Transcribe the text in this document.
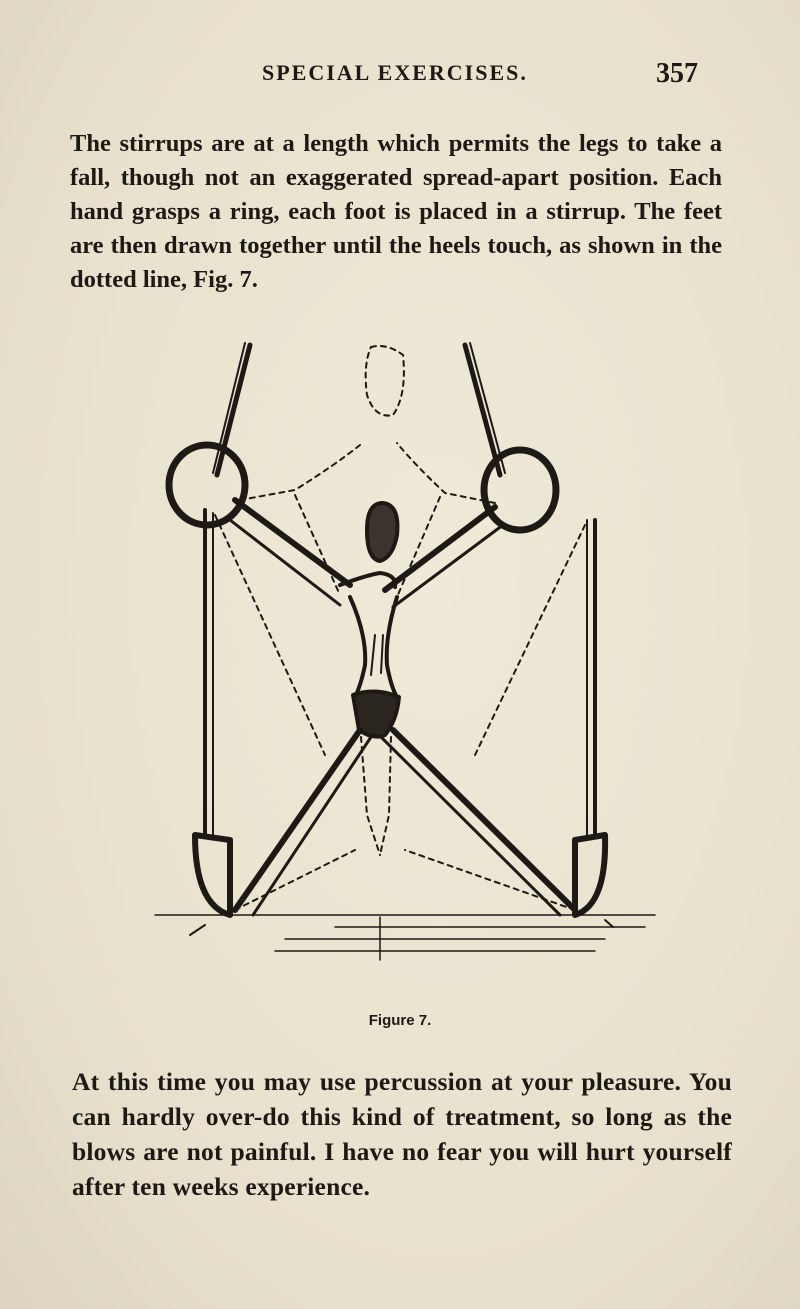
SPECIAL EXERCISES.	357

The stirrups are at a length which permits the legs to take a fall, though not an exaggerated spread-apart position. Each hand grasps a ring, each foot is placed in a stirrup. The feet are then drawn together until the heels touch, as shown in the dotted line, Fig. 7.

Figure 7.

At this time you may use percussion at your pleasure. You can hardly over-do this kind of treatment, so long as the blows are not painful. I have no fear you will hurt yourself after ten weeks experience.
